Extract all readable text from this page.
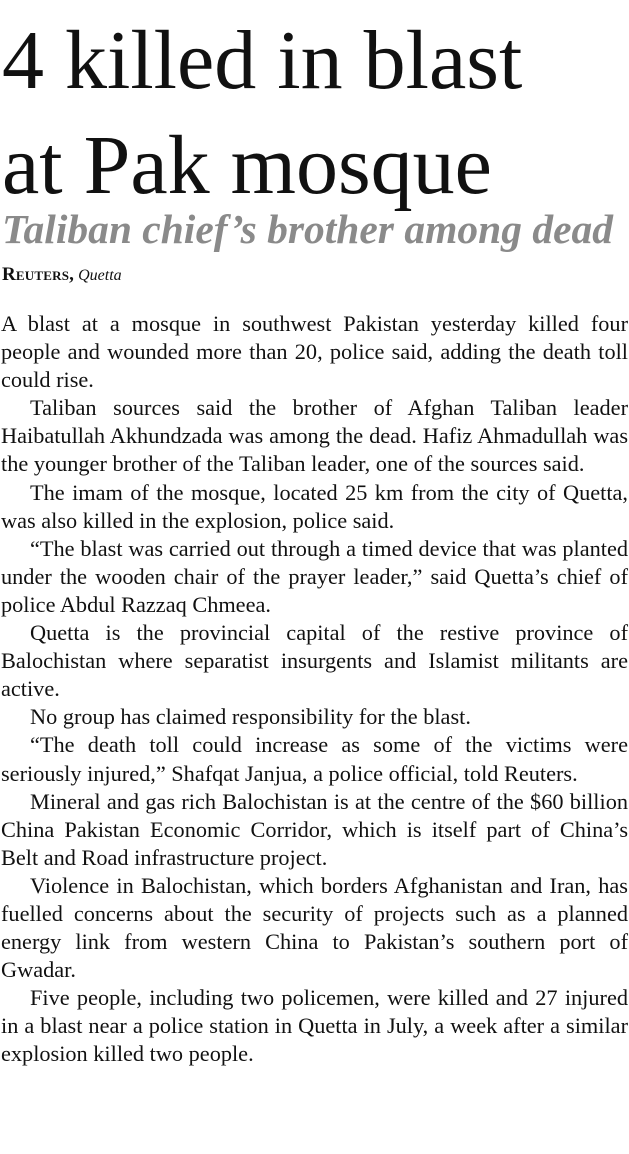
4 killed in blast
at Pak mosque
Taliban chief’s brother among dead
Reuters, Quetta

A blast at a mosque in southwest Pakistan yesterday killed four people and wounded more than 20, police said, adding the death toll could rise.

Taliban sources said the brother of Afghan Taliban leader Haibatullah Akhundzada was among the dead. Hafiz Ahmadullah was the younger brother of the Taliban leader, one of the sources said.

The imam of the mosque, located 25 km from the city of Quetta, was also killed in the explosion, police said.

“The blast was carried out through a timed device that was planted under the wooden chair of the prayer leader,” said Quetta’s chief of police Abdul Razzaq Chmeea.

Quetta is the provincial capital of the restive province of Balochistan where separatist insurgents and Islamist militants are active.

No group has claimed responsibility for the blast.

“The death toll could increase as some of the victims were seriously injured,” Shafqat Janjua, a police official, told Reuters.

Mineral and gas rich Balochistan is at the centre of the $60 billion China Pakistan Economic Corridor, which is itself part of China’s Belt and Road infrastructure project.

Violence in Balochistan, which borders Afghanistan and Iran, has fuelled concerns about the security of projects such as a planned energy link from western China to Pakistan’s southern port of Gwadar.

Five people, including two policemen, were killed and 27 injured in a blast near a police station in Quetta in July, a week after a similar explosion killed two people.
